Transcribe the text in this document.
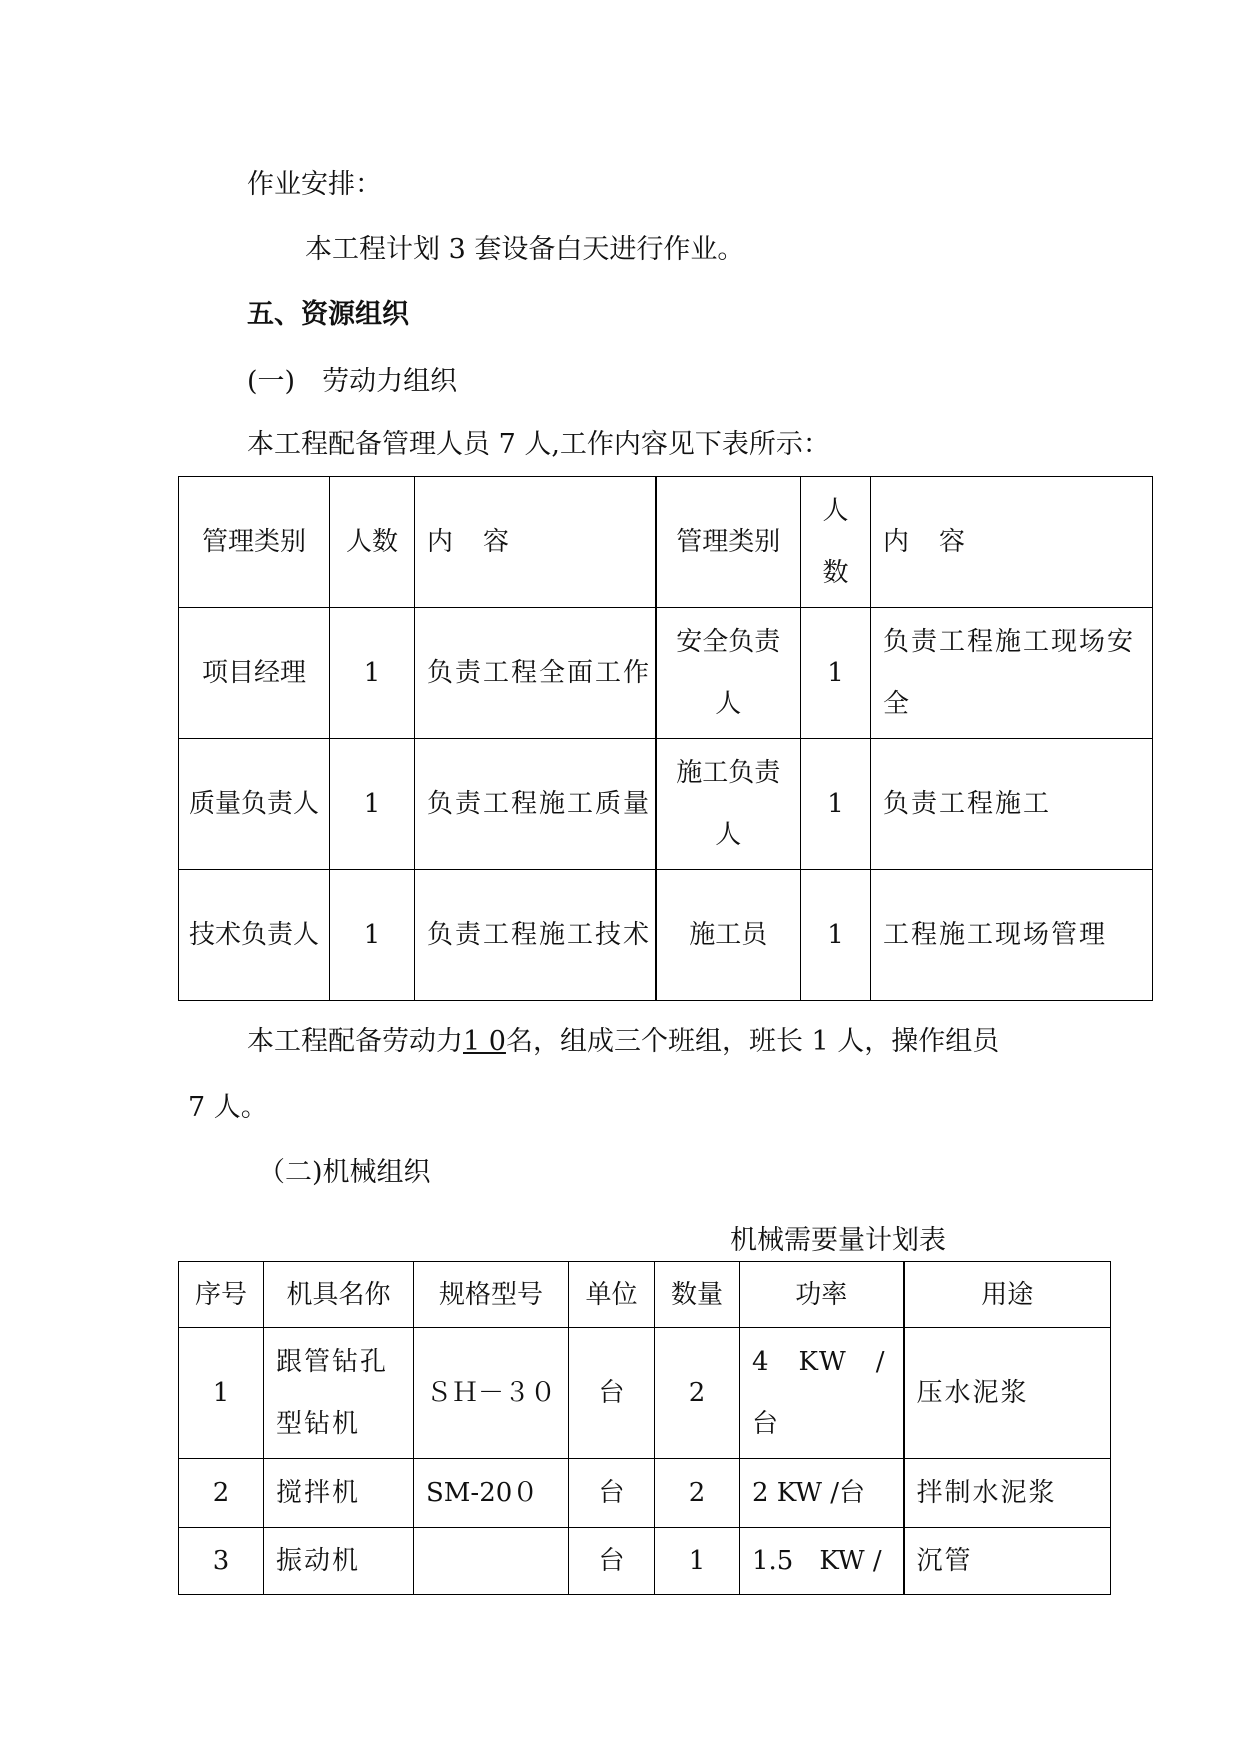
作业安排：
本工程计划 3 套设备白天进行作业。
五、资源组织
(一)　劳动力组织
本工程配备管理人员 7 人,工作内容见下表所示：
管理类别	人数	内　容	管理类别	人数	内　容
项目经理	1	负责工程全面工作	安全负责人	1	负责工程施工现场安全
质量负责人	1	负责工程施工质量	施工负责人	1	负责工程施工
技术负责人	1	负责工程施工技术	施工员	1	工程施工现场管理
本工程配备劳动力1 0名，组成三个班组，班长 1 人，操作组员
7 人。
（二)机械组织
机械需要量计划表
序号	机具名你	规格型号	单位	数量	功率	用途
1	跟管钻孔型钻机	ＳＨ－３０	台	2	4　KW　/台	压水泥浆
2	搅拌机	SM-20０	台	2	2 KW /台	拌制水泥浆
3	振动机		台	1	1.5　KW /	沉管
